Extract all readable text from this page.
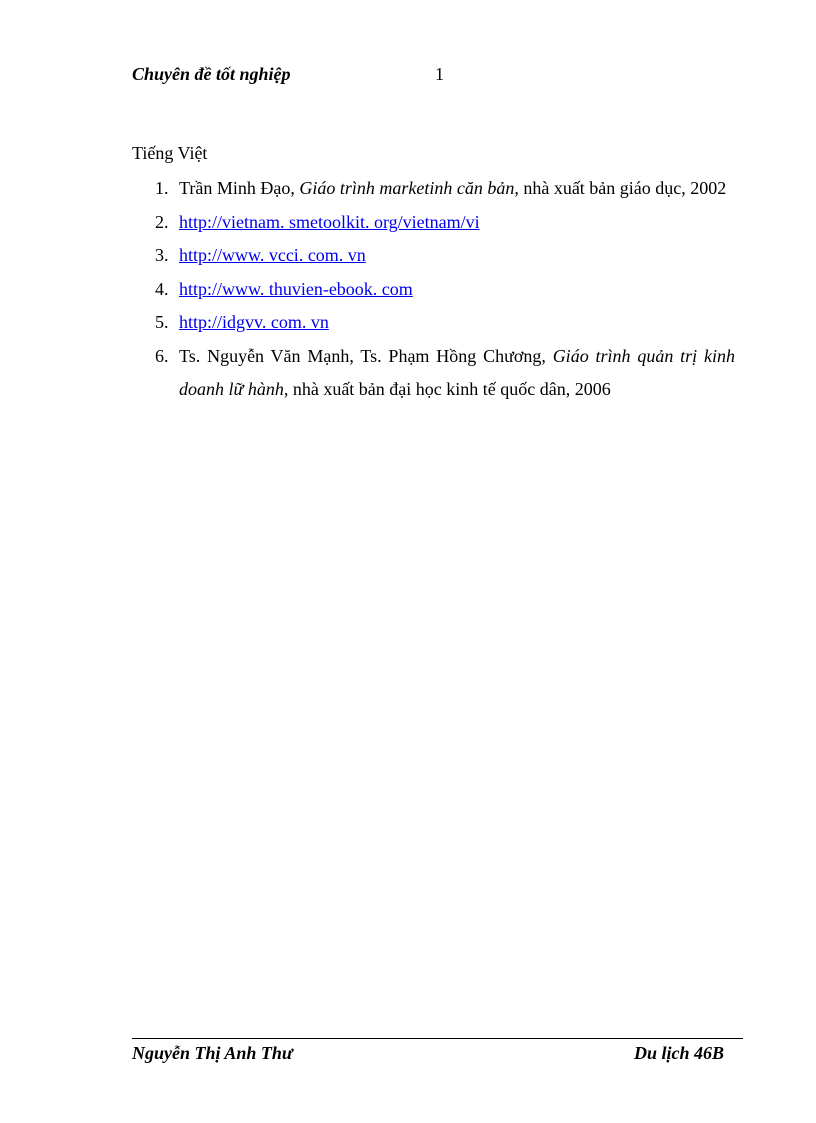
Chuyên đề tốt nghiệp	1
Tiếng Việt
1. Trần Minh Đạo, Giáo trình marketinh căn bản, nhà xuất bản giáo dục, 2002
2. http://vietnam. smetoolkit. org/vietnam/vi
3. http://www. vcci. com. vn
4. http://www. thuvien-ebook. com
5. http://idgvv. com. vn
6. Ts. Nguyễn Văn Mạnh, Ts. Phạm Hồng Chương, Giáo trình quản trị kinh doanh lữ hành, nhà xuất bản đại học kinh tế quốc dân, 2006
Nguyễn Thị Anh Thư	Du lịch 46B
